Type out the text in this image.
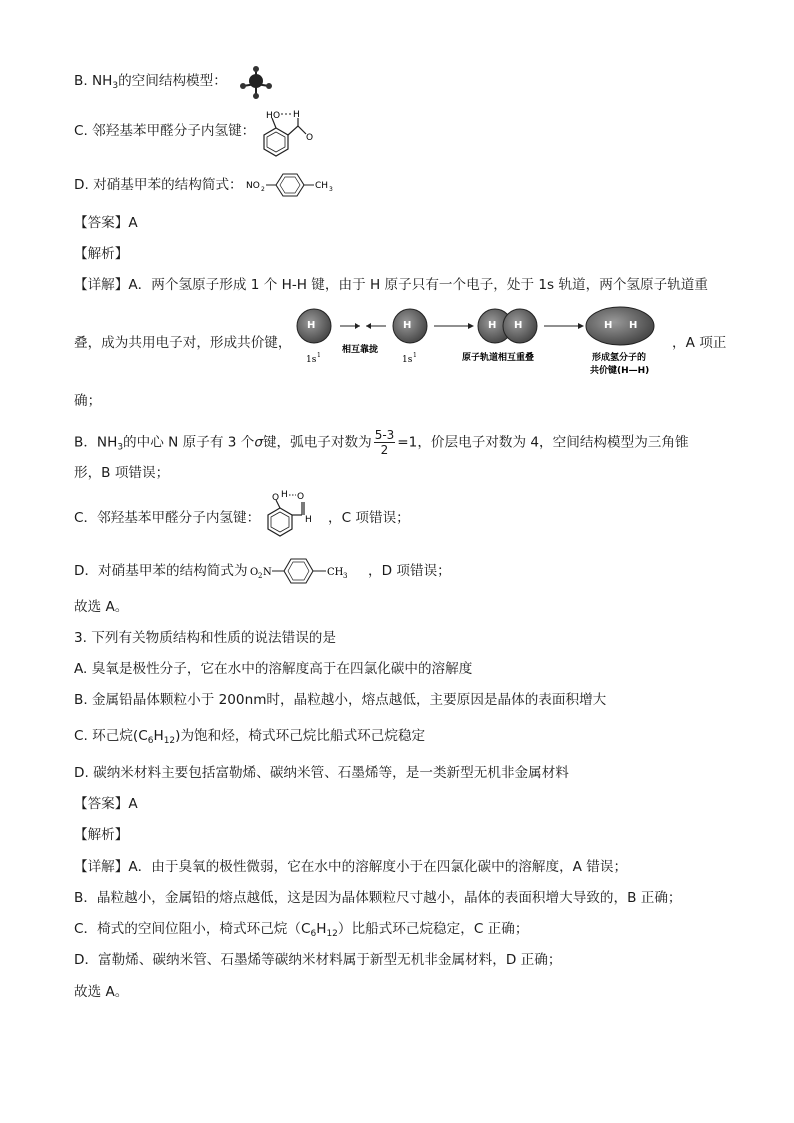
B. $NH_3$的空间结构模型：
C. 邻羟基苯甲醛分子内氢键：
H O H
O
D. 对硝基甲苯的结构简式： NO 2	CH 3
【答案】A
【解析】
【详解】A．两个氢原子形成 1 个 H-H 键，由于 H 原子只有一个电子，处于 1s 轨道，两个氢原子轨道重
叠，成为共用电子对，形成共价键，	，A 项正
H
1s 1
相互靠拢
H
1s 1
H H
原子轨道相互重叠
H H
形成氢分子的
共价键(H—H)
确；
B．$NH_3$的中心 N 原子有 3 个σ键，弧电子对数为 $\frac{5-3}{2} =1$，价层电子对数为 4，空间结构模型为三角锥
形，B 项错误；
C．邻羟基苯甲醛分子内氢键：	，C 项错误；
O H O
H
D．对硝基甲苯的结构简式为 O 2 N	CH 3 ，D 项错误；
故选 A。
3. 下列有关物质结构和性质的说法错误的是
A. 臭氧是极性分子，它在水中的溶解度高于在四氯化碳中的溶解度
B. 金属铅晶体颗粒小于 200nm时，晶粒越小，熔点越低，主要原因是晶体的表面积增大
C. 环己烷$(C_6H_{12})$为饱和烃，椅式环己烷比船式环己烷稳定
D. 碳纳米材料主要包括富勒烯、碳纳米管、石墨烯等，是一类新型无机非金属材料
【答案】A
【解析】
【详解】A．由于臭氧的极性微弱，它在水中的溶解度小于在四氯化碳中的溶解度，A 错误；
B．晶粒越小，金属铅的熔点越低，这是因为晶体颗粒尺寸越小，晶体的表面积增大导致的，B 正确；
C．椅式的空间位阻小，椅式环己烷$(C_6H_{12})$比船式环己烷稳定，C 正确；
D．富勒烯、碳纳米管、石墨烯等碳纳米材料属于新型无机非金属材料，D 正确；
故选 A。
